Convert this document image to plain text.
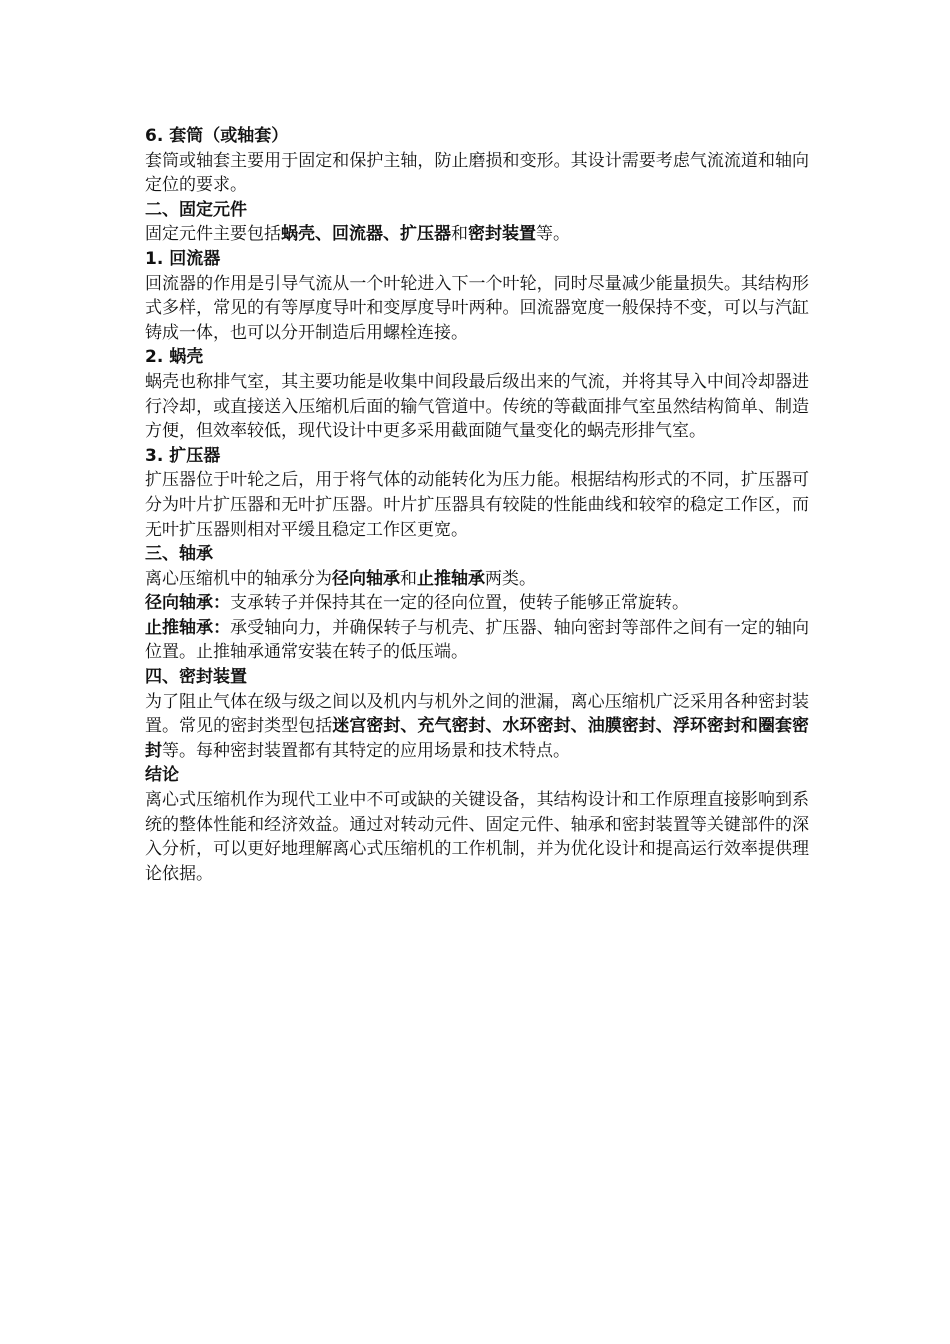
6. 套筒（或轴套）

套筒或轴套主要用于固定和保护主轴，防止磨损和变形。其设计需要考虑气流流道和轴向定位的要求。

二、固定元件

固定元件主要包括蜗壳、回流器、扩压器和密封装置等。

1. 回流器

回流器的作用是引导气流从一个叶轮进入下一个叶轮，同时尽量减少能量损失。其结构形式多样，常见的有等厚度导叶和变厚度导叶两种。回流器宽度一般保持不变，可以与汽缸铸成一体，也可以分开制造后用螺栓连接。

2. 蜗壳

蜗壳也称排气室，其主要功能是收集中间段最后级出来的气流，并将其导入中间冷却器进行冷却，或直接送入压缩机后面的输气管道中。传统的等截面排气室虽然结构简单、制造方便，但效率较低，现代设计中更多采用截面随气量变化的蜗壳形排气室。

3. 扩压器

扩压器位于叶轮之后，用于将气体的动能转化为压力能。根据结构形式的不同，扩压器可分为叶片扩压器和无叶扩压器。叶片扩压器具有较陡的性能曲线和较窄的稳定工作区，而无叶扩压器则相对平缓且稳定工作区更宽。

三、轴承

离心压缩机中的轴承分为径向轴承和止推轴承两类。

径向轴承：支承转子并保持其在一定的径向位置，使转子能够正常旋转。

止推轴承：承受轴向力，并确保转子与机壳、扩压器、轴向密封等部件之间有一定的轴向位置。止推轴承通常安装在转子的低压端。

四、密封装置

为了阻止气体在级与级之间以及机内与机外之间的泄漏，离心压缩机广泛采用各种密封装置。常见的密封类型包括迷宫密封、充气密封、水环密封、油膜密封、浮环密封和圈套密封等。每种密封装置都有其特定的应用场景和技术特点。

结论

离心式压缩机作为现代工业中不可或缺的关键设备，其结构设计和工作原理直接影响到系统的整体性能和经济效益。通过对转动元件、固定元件、轴承和密封装置等关键部件的深入分析，可以更好地理解离心式压缩机的工作机制，并为优化设计和提高运行效率提供理论依据。
